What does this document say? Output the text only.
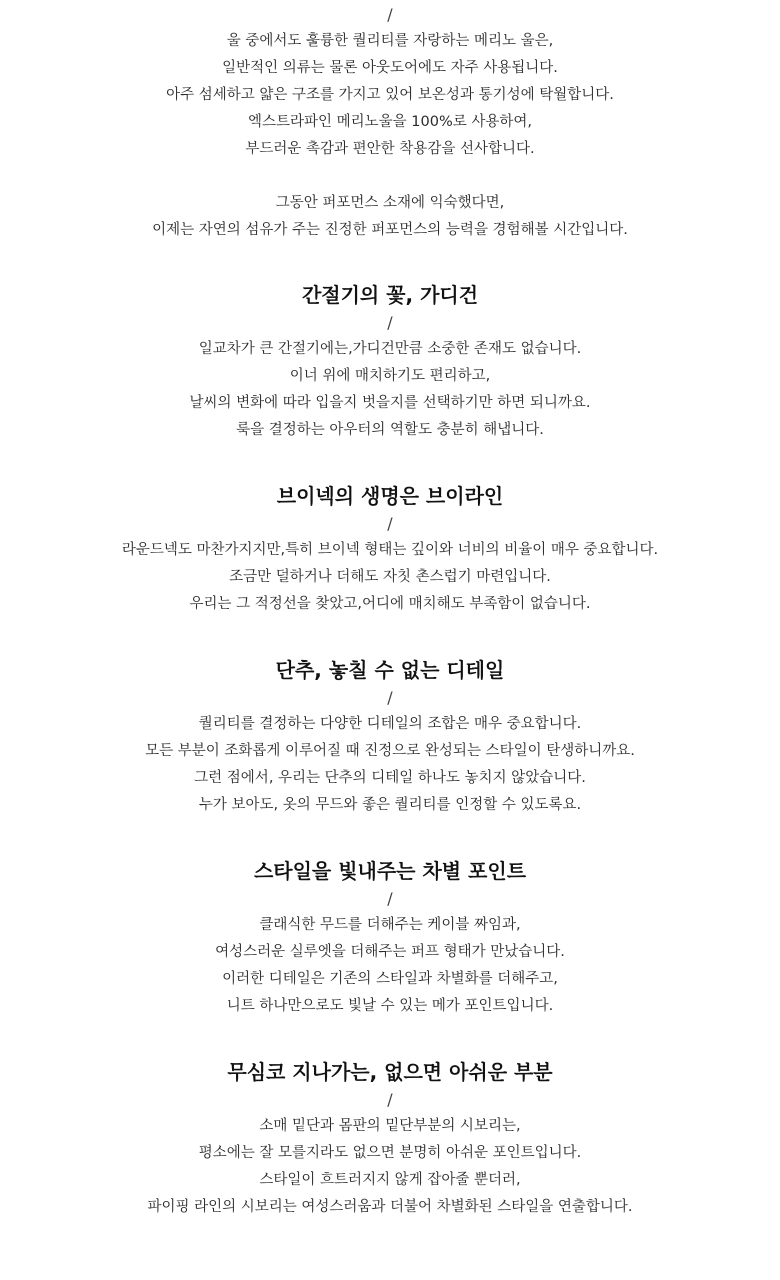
/

울 중에서도 훌륭한 퀄리티를 자랑하는 메리노 울은,

일반적인 의류는 물론 아웃도어에도 자주 사용됩니다.

아주 섬세하고 얇은 구조를 가지고 있어 보온성과 통기성에 탁월합니다.

엑스트라파인 메리노울을 100%로 사용하여,

부드러운 촉감과 편안한 착용감을 선사합니다.

그동안 퍼포먼스 소재에 익숙했다면,

이제는 자연의 섬유가 주는 진정한 퍼포먼스의 능력을 경험해볼 시간입니다.

간절기의 꽃, 가디건

/

일교차가 큰 간절기에는,가디건만큼 소중한 존재도 없습니다.

이너 위에 매치하기도 편리하고,

날씨의 변화에 따라 입을지 벗을지를 선택하기만 하면 되니까요.

룩을 결정하는 아우터의 역할도 충분히 해냅니다.

브이넥의 생명은 브이라인

/

라운드넥도 마찬가지지만,특히 브이넥 형태는 깊이와 너비의 비율이 매우 중요합니다.

조금만 덜하거나 더해도 자칫 촌스럽기 마련입니다.

우리는 그 적정선을 찾았고,어디에 매치해도 부족함이 없습니다.

단추, 놓칠 수 없는 디테일

/

퀄리티를 결정하는 다양한 디테일의 조합은 매우 중요합니다.

모든 부분이 조화롭게 이루어질 때 진정으로 완성되는 스타일이 탄생하니까요.

그런 점에서, 우리는 단추의 디테일 하나도 놓치지 않았습니다.

누가 보아도, 옷의 무드와 좋은 퀄리티를 인정할 수 있도록요.

스타일을 빛내주는 차별 포인트

/

클래식한 무드를 더해주는 케이블 짜임과,

여성스러운 실루엣을 더해주는 퍼프 형태가 만났습니다.

이러한 디테일은 기존의 스타일과 차별화를 더해주고,

니트 하나만으로도 빛날 수 있는 메가 포인트입니다.

무심코 지나가는, 없으면 아쉬운 부분

/

소매 밑단과 몸판의 밑단부분의 시보리는,

평소에는 잘 모를지라도 없으면 분명히 아쉬운 포인트입니다.

스타일이 흐트러지지 않게 잡아줄 뿐더러,

파이핑 라인의 시보리는 여성스러움과 더불어 차별화된 스타일을 연출합니다.
